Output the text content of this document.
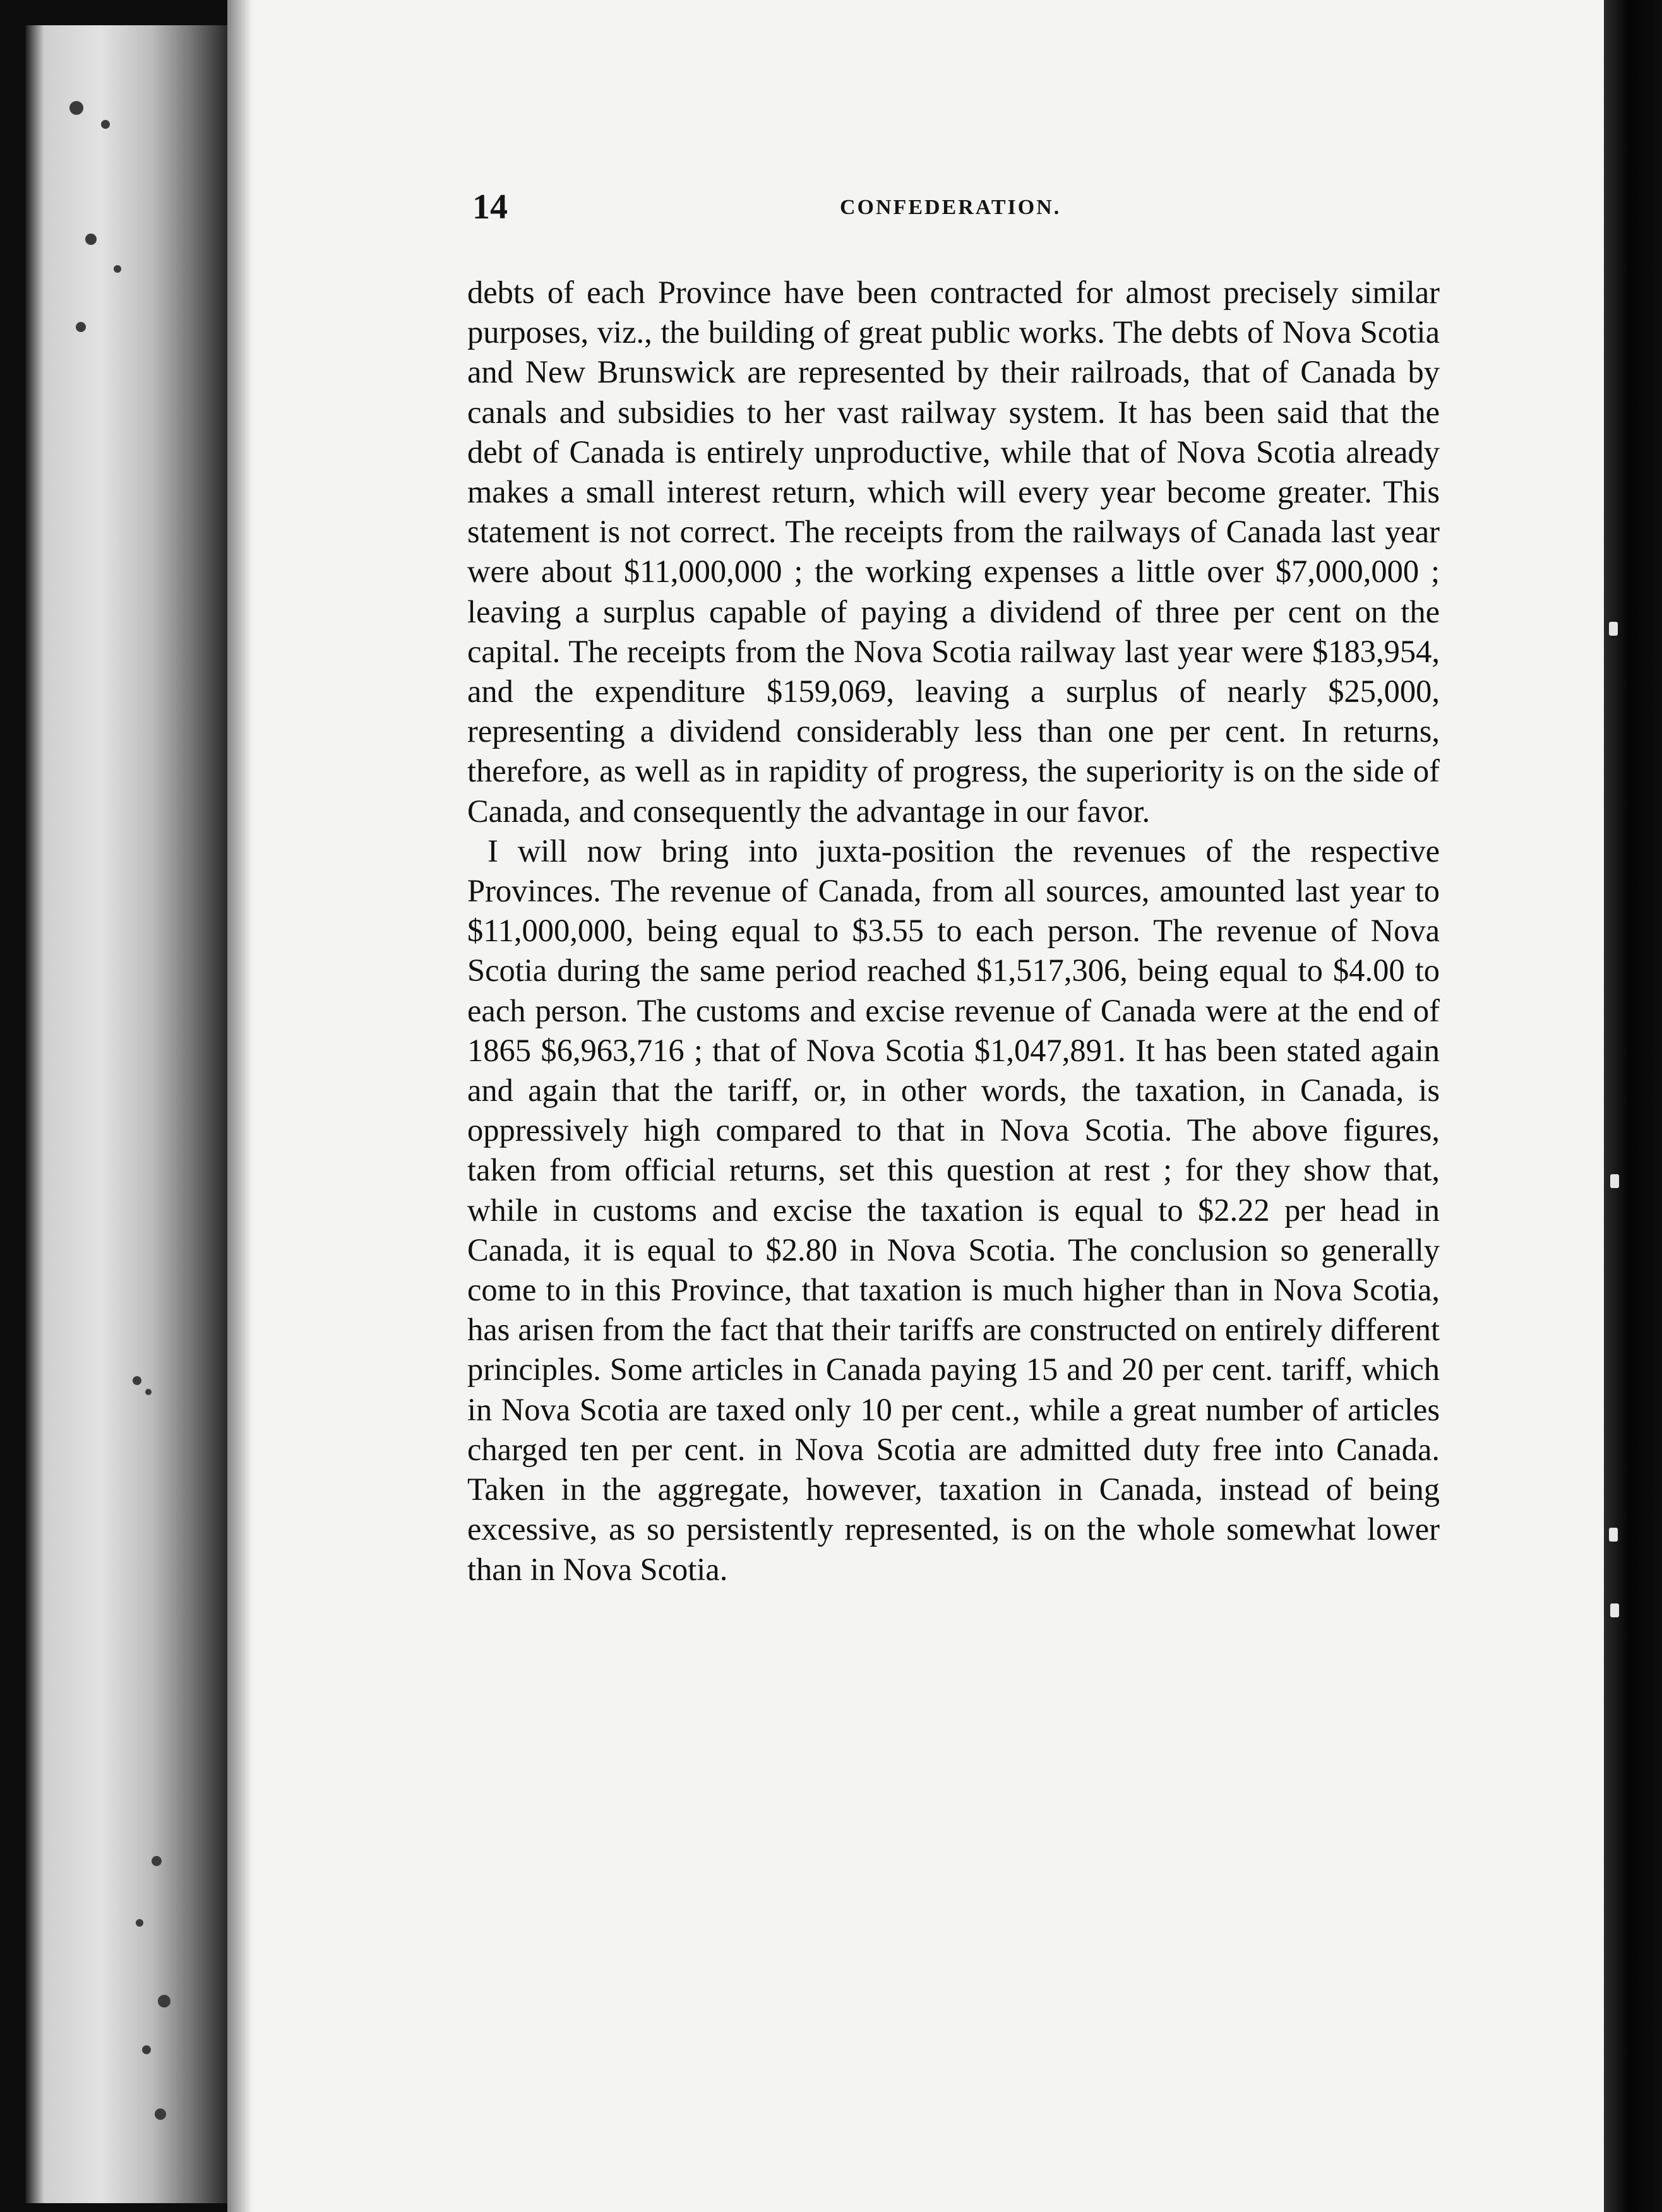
14	CONFEDERATION.

debts of each Province have been contracted for almost precisely similar purposes, viz., the building of great public works. The debts of Nova Scotia and New Brunswick are represented by their railroads, that of Canada by canals and subsidies to her vast railway system. It has been said that the debt of Canada is entirely unproductive, while that of Nova Scotia already makes a small interest return, which will every year become greater. This statement is not correct. The receipts from the railways of Canada last year were about $11,000,000 ; the working expenses a little over $7,000,000 ; leaving a surplus capable of paying a dividend of three per cent on the capital. The receipts from the Nova Scotia railway last year were $183,954, and the expenditure $159,069, leaving a surplus of nearly $25,000, representing a dividend considerably less than one per cent. In returns, therefore, as well as in rapidity of progress, the superiority is on the side of Canada, and consequently the advantage in our favor.

I will now bring into juxta-position the revenues of the respective Provinces. The revenue of Canada, from all sources, amounted last year to $11,000,000, being equal to $3.55 to each person. The revenue of Nova Scotia during the same period reached $1,517,306, being equal to $4.00 to each person. The customs and excise revenue of Canada were at the end of 1865 $6,963,716 ; that of Nova Scotia $1,047,891. It has been stated again and again that the tariff, or, in other words, the taxation, in Canada, is oppressively high compared to that in Nova Scotia. The above figures, taken from official returns, set this question at rest ; for they show that, while in customs and excise the taxation is equal to $2.22 per head in Canada, it is equal to $2.80 in Nova Scotia. The conclusion so generally come to in this Province, that taxation is much higher than in Nova Scotia, has arisen from the fact that their tariffs are constructed on entirely different principles. Some articles in Canada paying 15 and 20 per cent. tariff, which in Nova Scotia are taxed only 10 per cent., while a great number of articles charged ten per cent. in Nova Scotia are admitted duty free into Canada. Taken in the aggregate, however, taxation in Canada, instead of being excessive, as so persistently represented, is on the whole somewhat lower than in Nova Scotia.
